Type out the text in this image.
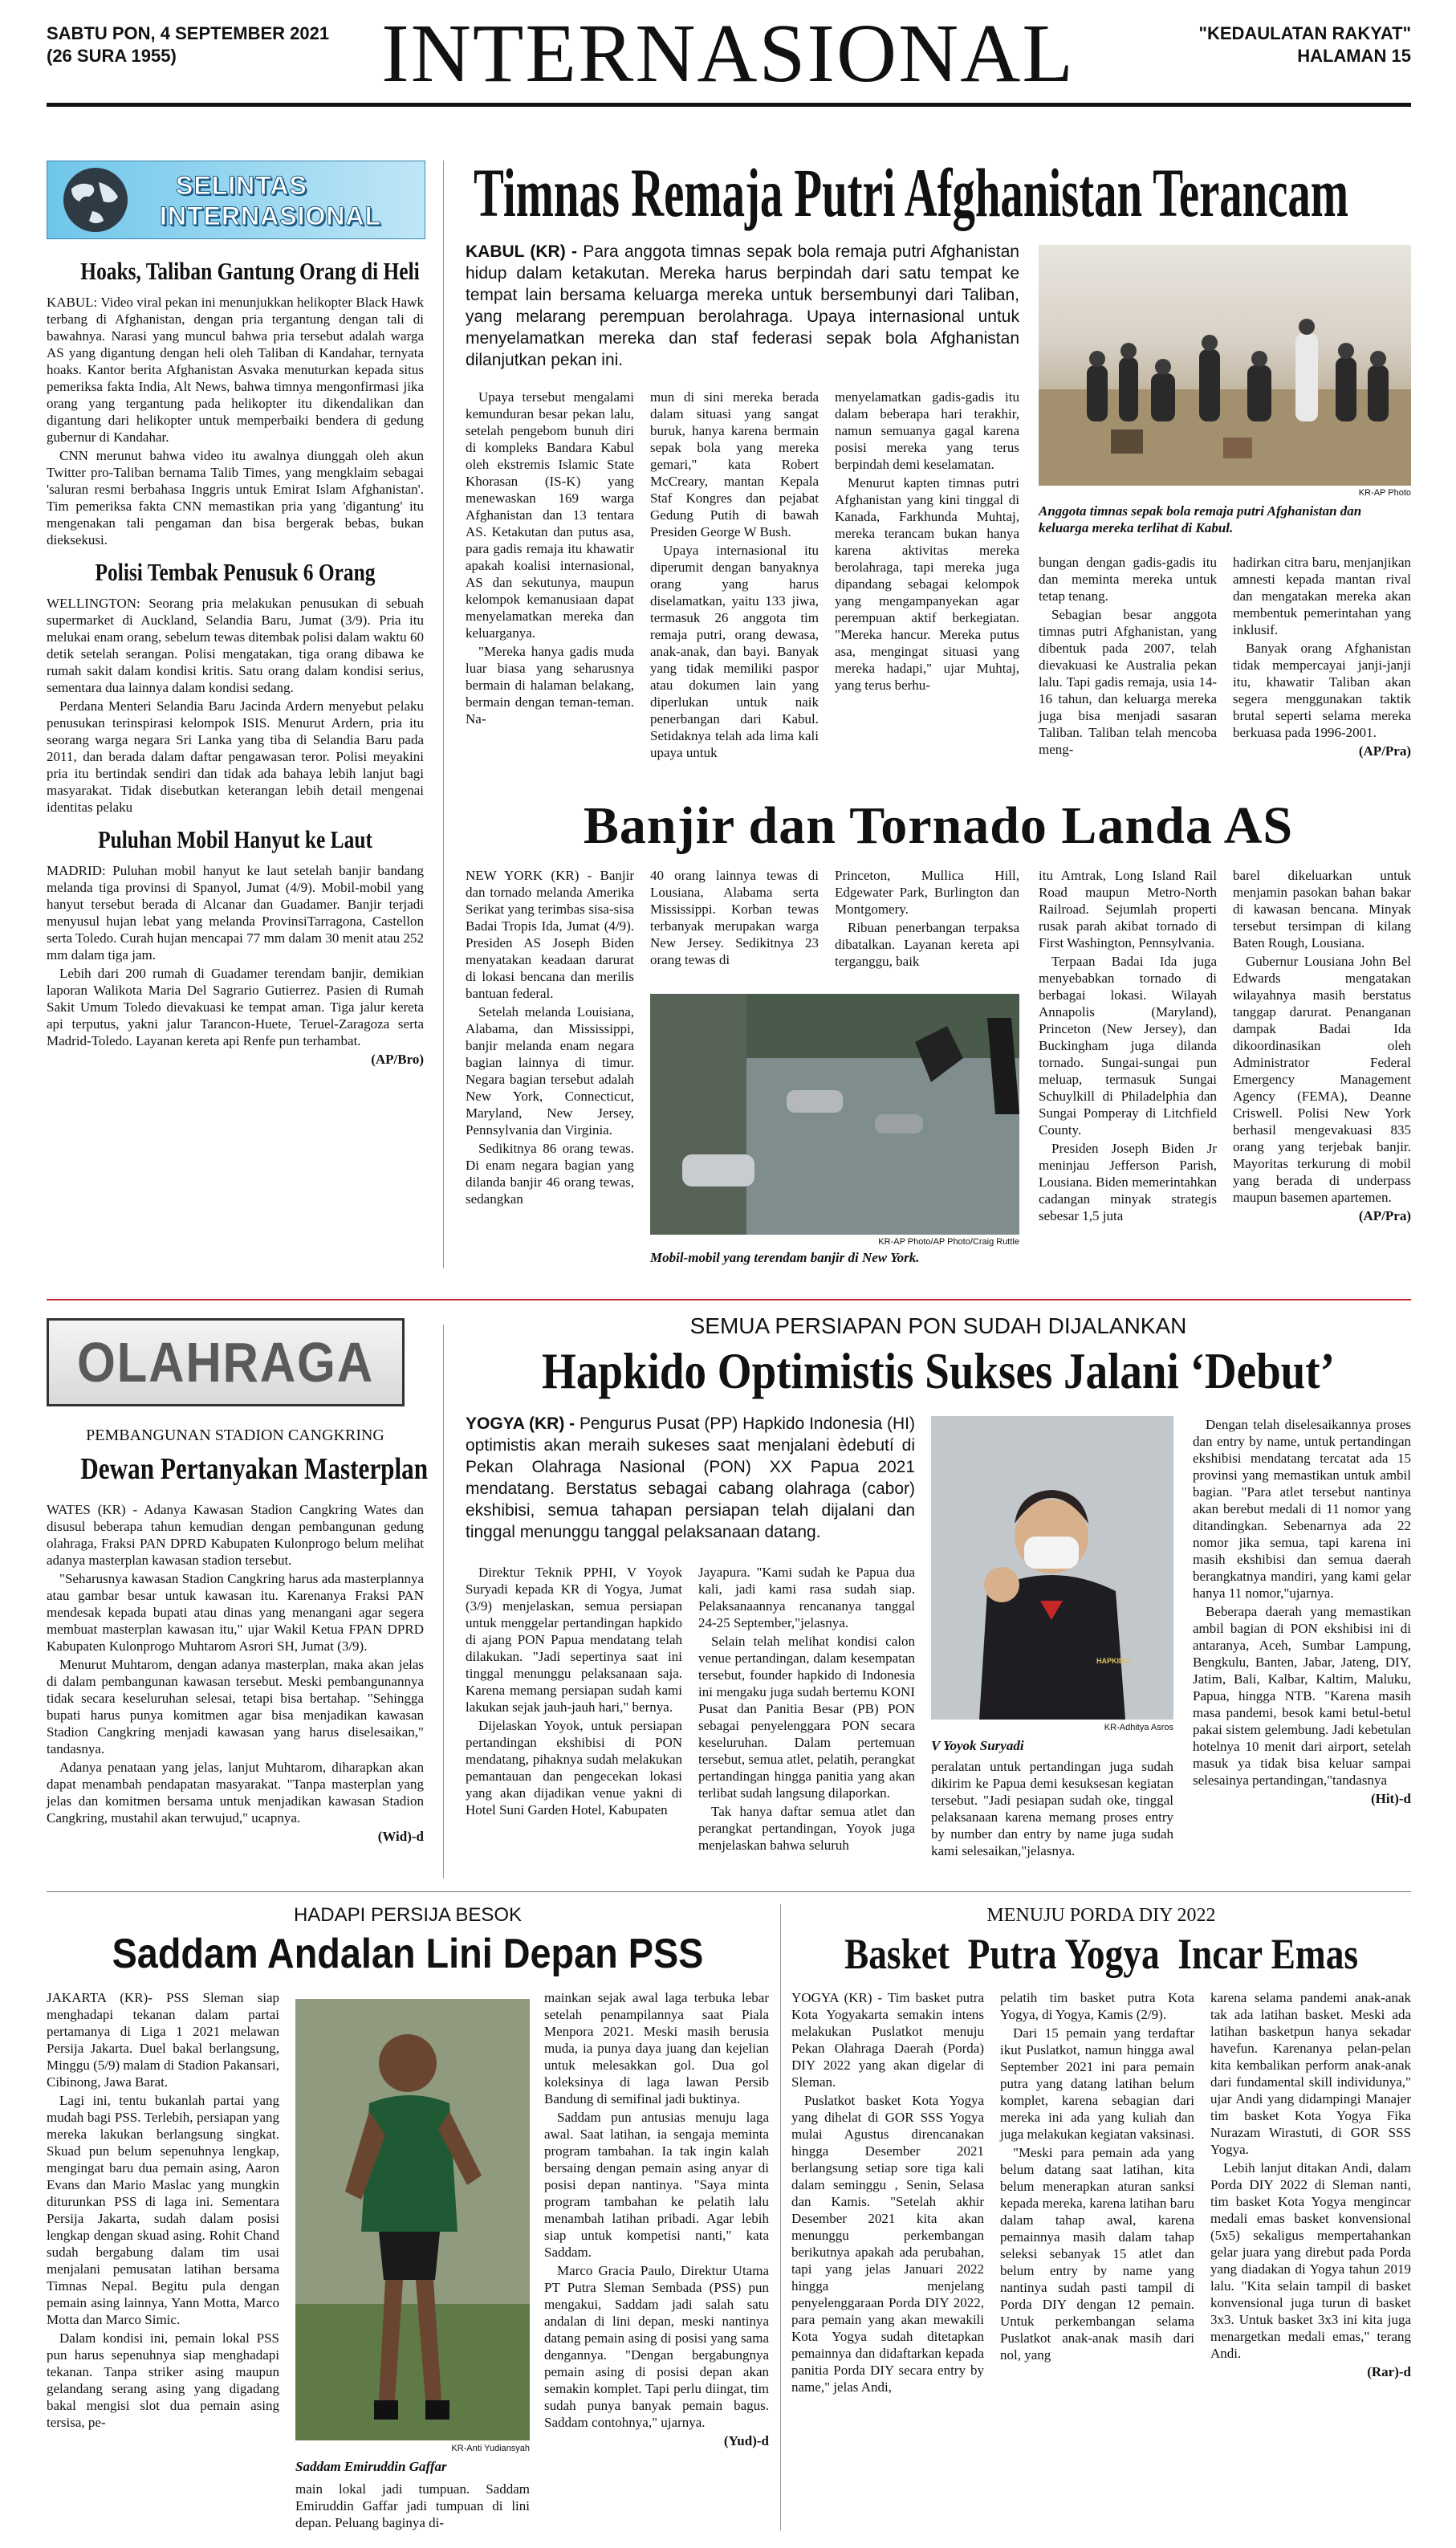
SABTU PON, 4 SEPTEMBER 2021
(26 SURA 1955)	INTERNASIONAL	"KEDAULATAN RAKYAT"
HALAMAN 15
SELINTAS
INTERNASIONAL
Hoaks, Taliban Gantung Orang di Heli

KABUL: Video viral pekan ini menunjukkan helikopter Black Hawk terbang di Afghanistan, dengan pria tergantung dengan tali di bawahnya. Narasi yang muncul bahwa pria tersebut adalah warga AS yang digantung dengan heli oleh Taliban di Kandahar, ternyata hoaks. Kantor berita Afghanistan Asvaka menuturkan kepada situs pemeriksa fakta India, Alt News, bahwa timnya mengonfirmasi jika orang yang tergantung pada helikopter itu dikendalikan dan digantung dari helikopter untuk memperbaiki bendera di gedung gubernur di Kandahar.

CNN merunut bahwa video itu awalnya diunggah oleh akun Twitter pro-Taliban bernama Talib Times, yang mengklaim sebagai 'saluran resmi berbahasa Inggris untuk Emirat Islam Afghanistan'. Tim pemeriksa fakta CNN memastikan pria yang 'digantung' itu mengenakan tali pengaman dan bisa bergerak bebas, bukan dieksekusi.

Polisi Tembak Penusuk 6 Orang

WELLINGTON: Seorang pria melakukan penusukan di sebuah supermarket di Auckland, Selandia Baru, Jumat (3/9). Pria itu melukai enam orang, sebelum tewas ditembak polisi dalam waktu 60 detik setelah serangan. Polisi mengatakan, tiga orang dibawa ke rumah sakit dalam kondisi kritis. Satu orang dalam kondisi serius, sementara dua lainnya dalam kondisi sedang.

Perdana Menteri Selandia Baru Jacinda Ardern menyebut pelaku penusukan terinspirasi kelompok ISIS. Menurut Ardern, pria itu seorang warga negara Sri Lanka yang tiba di Selandia Baru pada 2011, dan berada dalam daftar pengawasan teror. Polisi meyakini pria itu bertindak sendiri dan tidak ada bahaya lebih lanjut bagi masyarakat. Tidak disebutkan keterangan lebih detail mengenai identitas pelaku

Puluhan Mobil Hanyut ke Laut

MADRID: Puluhan mobil hanyut ke laut setelah banjir bandang melanda tiga provinsi di Spanyol, Jumat (4/9). Mobil-mobil yang hanyut tersebut berada di Alcanar dan Guadamer. Banjir terjadi menyusul hujan lebat yang melanda ProvinsiTarragona, Castellon serta Toledo. Curah hujan mencapai 77 mm dalam 30 menit atau 252 mm dalam tiga jam.

Lebih dari 200 rumah di Guadamer terendam banjir, demikian laporan Walikota Maria Del Sagrario Gutierrez. Pasien di Rumah Sakit Umum Toledo dievakuasi ke tempat aman. Tiga jalur kereta api terputus, yakni jalur Tarancon-Huete, Teruel-Zaragoza serta Madrid-Toledo. Layanan kereta api Renfe pun terhambat.

(AP/Bro)
Timnas Remaja Putri Afghanistan Terancam
KABUL (KR) - Para anggota timnas sepak bola remaja putri Afghanistan hidup dalam ketakutan. Mereka harus berpindah dari satu tempat ke tempat lain bersama keluarga mereka untuk bersembunyi dari Taliban, yang melarang perempuan berolahraga. Upaya internasional untuk menyelamatkan mereka dan staf federasi sepak bola Afghanistan dilanjutkan pekan ini.
KR-AP Photo
Anggota timnas sepak bola remaja putri Afghanistan dan keluarga mereka terlihat di Kabul.

Upaya tersebut mengalami kemunduran besar pekan lalu, setelah pengebom bunuh diri di kompleks Bandara Kabul oleh ekstremis Islamic State Khorasan (IS-K) yang menewaskan 169 warga Afghanistan dan 13 tentara AS. Ketakutan dan putus asa, para gadis remaja itu khawatir apakah koalisi internasional, AS dan sekutunya, maupun kelompok kemanusiaan dapat menyelamatkan mereka dan keluarganya.

"Mereka hanya gadis muda luar biasa yang seharusnya bermain di halaman belakang, bermain dengan teman-teman. Na-

mun di sini mereka berada dalam situasi yang sangat buruk, hanya karena bermain sepak bola yang mereka gemari," kata Robert McCreary, mantan Kepala Staf Kongres dan pejabat Gedung Putih di bawah Presiden George W Bush.

Upaya internasional itu diperumit dengan banyaknya orang yang harus diselamatkan, yaitu 133 jiwa, termasuk 26 anggota tim remaja putri, orang dewasa, anak-anak, dan bayi. Banyak yang tidak memiliki paspor atau dokumen lain yang diperlukan untuk naik penerbangan dari Kabul. Setidaknya telah ada lima kali upaya untuk

menyelamatkan gadis-gadis itu dalam beberapa hari terakhir, namun semuanya gagal karena posisi mereka yang terus berpindah demi keselamatan.

Menurut kapten timnas putri Afghanistan yang kini tinggal di Kanada, Farkhunda Muhtaj, mereka terancam bukan hanya karena aktivitas mereka berolahraga, tapi mereka juga dipandang sebagai kelompok yang mengampanyekan agar perempuan aktif berkegiatan. "Mereka hancur. Mereka putus asa, mengingat situasi yang mereka hadapi," ujar Muhtaj, yang terus berhu-

bungan dengan gadis-gadis itu dan meminta mereka untuk tetap tenang.

Sebagian besar anggota timnas putri Afghanistan, yang dibentuk pada 2007, telah dievakuasi ke Australia pekan lalu. Tapi gadis remaja, usia 14-16 tahun, dan keluarga mereka juga bisa menjadi sasaran Taliban. Taliban telah mencoba meng-

hadirkan citra baru, menjanjikan amnesti kepada mantan rival dan mengatakan mereka akan membentuk pemerintahan yang inklusif.

Banyak orang Afghanistan tidak mempercayai janji-janji itu, khawatir Taliban akan segera menggunakan taktik brutal seperti selama mereka berkuasa pada 1996-2001.

(AP/Pra)
Banjir dan Tornado Landa AS

NEW YORK (KR) - Banjir dan tornado melanda Amerika Serikat yang terimbas sisa-sisa Badai Tropis Ida, Jumat (4/9). Presiden AS Joseph Biden menyatakan keadaan darurat di lokasi bencana dan merilis bantuan federal.

Setelah melanda Louisiana, Alabama, dan Mississippi, banjir melanda enam negara bagian lainnya di timur. Negara bagian tersebut adalah New York, Connecticut, Maryland, New Jersey, Pennsylvania dan Virginia.

Sedikitnya 86 orang tewas. Di enam negara bagian yang dilanda banjir 46 orang tewas, sedangkan

40 orang lainnya tewas di Lousiana, Alabama serta Mississippi. Korban tewas terbanyak merupakan warga New Jersey. Sedikitnya 23 orang tewas di

Princeton, Mullica Hill, Edgewater Park, Burlington dan Montgomery.

Ribuan penerbangan terpaksa dibatalkan. Layanan kereta api terganggu, baik

KR-AP Photo/AP Photo/Craig Ruttle
Mobil-mobil yang terendam banjir di New York.

itu Amtrak, Long Island Rail Road maupun Metro-North Railroad. Sejumlah properti rusak parah akibat tornado di First Washington, Pennsylvania.

Terpaan Badai Ida juga menyebabkan tornado di berbagai lokasi. Wilayah Annapolis (Maryland), Princeton (New Jersey), dan Buckingham juga dilanda tornado. Sungai-sungai pun meluap, termasuk Sungai Schuylkill di Philadelphia dan Sungai Pomperay di Litchfield County.

Presiden Joseph Biden Jr meninjau Jefferson Parish, Lousiana. Biden memerintahkan cadangan minyak strategis sebesar 1,5 juta

barel dikeluarkan untuk menjamin pasokan bahan bakar di kawasan bencana. Minyak tersebut tersimpan di kilang Baten Rough, Lousiana.

Gubernur Lousiana John Bel Edwards mengatakan wilayahnya masih berstatus tanggap darurat. Penanganan dampak Badai Ida dikoordinasikan oleh Administrator Federal Emergency Management Agency (FEMA), Deanne Criswell. Polisi New York berhasil mengevakuasi 835 orang yang terjebak banjir. Mayoritas terkurung di mobil yang berada di underpass maupun basemen apartemen.

(AP/Pra)
OLAHRAGA
PEMBANGUNAN STADION CANGKRING
Dewan Pertanyakan Masterplan

WATES (KR) - Adanya Kawasan Stadion Cangkring Wates dan disusul beberapa tahun kemudian dengan pembangunan gedung olahraga, Fraksi PAN DPRD Kabupaten Kulonprogo belum melihat adanya masterplan kawasan stadion tersebut.

"Seharusnya kawasan Stadion Cangkring harus ada masterplannya atau gambar besar untuk kawasan itu. Karenanya Fraksi PAN mendesak kepada bupati atau dinas yang menangani agar segera membuat masterplan kawasan itu," ujar Wakil Ketua FPAN DPRD Kabupaten Kulonprogo Muhtarom Asrori SH, Jumat (3/9).

Menurut Muhtarom, dengan adanya masterplan, maka akan jelas di dalam pembangunan kawasan tersebut. Meski pembangunannya tidak secara keseluruhan selesai, tetapi bisa bertahap. "Sehingga bupati harus punya komitmen agar bisa menjadikan kawasan Stadion Cangkring menjadi kawasan yang harus diselesaikan," tandasnya.

Adanya penataan yang jelas, lanjut Muhtarom, diharapkan akan dapat menambah pendapatan masyarakat. "Tanpa masterplan yang jelas dan komitmen bersama untuk menjadikan kawasan Stadion Cangkring, mustahil akan terwujud," ucapnya.

(Wid)-d
SEMUA PERSIAPAN PON SUDAH DIJALANKAN
Hapkido Optimistis Sukses Jalani ‘Debut’
YOGYA (KR) - Pengurus Pusat (PP) Hapkido Indonesia (HI) optimistis akan meraih sukeses saat menjalani èdebutí di Pekan Olahraga Nasional (PON) XX Papua 2021 mendatang. Berstatus sebagai cabang olahraga (cabor) ekshibisi, semua tahapan persiapan telah dijalani dan tinggal menunggu tanggal pelaksanaan datang.

Direktur Teknik PPHI, V Yoyok Suryadi kepada KR di Yogya, Jumat (3/9) menjelaskan, semua persiapan untuk menggelar pertandingan hapkido di ajang PON Papua mendatang telah dilakukan. "Jadi sepertinya saat ini tinggal menunggu pelaksanaan saja. Karena memang persiapan sudah kami lakukan sejak jauh-jauh hari," bernya.

Dijelaskan Yoyok, untuk persiapan pertandingan ekshibisi di PON mendatang, pihaknya sudah melakukan pemantauan dan pengecekan lokasi yang akan dijadikan venue yakni di Hotel Suni Garden Hotel, Kabupaten

Jayapura. "Kami sudah ke Papua dua kali, jadi kami rasa sudah siap. Pelaksanaannya rencananya tanggal 24-25 September,"jelasnya.

Selain telah melihat kondisi calon venue pertandingan, dalam kesempatan tersebut, founder hapkido di Indonesia ini mengaku juga sudah bertemu KONI Pusat dan Panitia Besar (PB) PON sebagai penyelenggara PON secara keseluruhan. Dalam pertemuan tersebut, semua atlet, pelatih, perangkat pertandingan hingga panitia yang akan terlibat sudah langsung dilaporkan.

Tak hanya daftar semua atlet dan perangkat pertandingan, Yoyok juga menjelaskan bahwa seluruh

HAPKIDO
KR-Adhitya Asros
V Yoyok Suryadi

peralatan untuk pertandingan juga sudah dikirim ke Papua demi kesuksesan kegiatan tersebut. "Jadi pesiapan sudah oke, tinggal pelaksanaan karena memang proses entry by number dan entry by name juga sudah kami selesaikan,"jelasnya.

Dengan telah diselesaikannya proses dan entry by name, untuk pertandingan ekshibisi mendatang tercatat ada 15 provinsi yang memastikan untuk ambil bagian. "Para atlet tersebut nantinya akan berebut medali di 11 nomor yang ditandingkan. Sebenarnya ada 22 nomor jika semua, tapi karena ini masih ekshibisi dan semua daerah berangkatnya mandiri, yang kami gelar hanya 11 nomor,"ujarnya.

Beberapa daerah yang memastikan ambil bagian di PON ekshibisi ini di antaranya, Aceh, Sumbar Lampung, Bengkulu, Banten, Jabar, Jateng, DIY, Jatim, Bali, Kalbar, Kaltim, Maluku, Papua, hingga NTB. "Karena masih masa pandemi, besok kami betul-betul pakai sistem gelembung. Jadi kebetulan hotelnya 10 menit dari airport, setelah masuk ya tidak bisa keluar sampai selesainya pertandingan,"tandasnya

(Hit)-d
HADAPI PERSIJA BESOK
Saddam Andalan Lini Depan PSS

JAKARTA (KR)- PSS Sleman siap menghadapi tekanan dalam partai pertamanya di Liga 1 2021 melawan Persija Jakarta. Duel bakal berlangsung, Minggu (5/9) malam di Stadion Pakansari, Cibinong, Jawa Barat.

Lagi ini, tentu bukanlah partai yang mudah bagi PSS. Terlebih, persiapan yang mereka lakukan berlangsung singkat. Skuad pun belum sepenuhnya lengkap, mengingat baru dua pemain asing, Aaron Evans dan Mario Maslac yang mungkin diturunkan PSS di laga ini. Sementara Persija Jakarta, sudah dalam posisi lengkap dengan skuad asing. Rohit Chand sudah bergabung dalam tim usai menjalani pemusatan latihan bersama Timnas Nepal. Begitu pula dengan pemain asing lainnya, Yann Motta, Marco Motta dan Marco Simic.

Dalam kondisi ini, pemain lokal PSS pun harus sepenuhnya siap menghadapi tekanan. Tanpa striker asing maupun gelandang serang asing yang digadang bakal mengisi slot dua pemain asing tersisa, pe-

KR-Anti Yudiansyah
Saddam Emiruddin Gaffar

main lokal jadi tumpuan. Saddam Emiruddin Gaffar jadi tumpuan di lini depan. Peluang baginya di-

mainkan sejak awal laga terbuka lebar setelah penampilannya saat Piala Menpora 2021. Meski masih berusia muda, ia punya daya juang dan kejelian untuk melesakkan gol. Dua gol koleksinya di laga lawan Persib Bandung di semifinal jadi buktinya.

Saddam pun antusias menuju laga awal. Saat latihan, ia sengaja meminta program tambahan. Ia tak ingin kalah bersaing dengan pemain asing anyar di posisi depan nantinya. "Saya minta program tambahan ke pelatih lalu menambah latihan pribadi. Agar lebih siap untuk kompetisi nanti," kata Saddam.

Marco Gracia Paulo, Direktur Utama PT Putra Sleman Sembada (PSS) pun mengakui, Saddam jadi salah satu andalan di lini depan, meski nantinya datang pemain asing di posisi yang sama dengannya. "Dengan bergabungnya pemain asing di posisi depan akan semakin komplet. Tapi perlu diingat, tim sudah punya banyak pemain bagus. Saddam contohnya," ujarnya.

(Yud)-d
MENUJU PORDA DIY 2022
Basket  Putra Yogya  Incar Emas

YOGYA (KR) - Tim basket putra Kota Yogyakarta semakin intens melakukan Puslatkot menuju Pekan Olahraga Daerah (Porda) DIY 2022 yang akan digelar di Sleman.

Puslatkot basket Kota Yogya yang dihelat di GOR SSS Yogya mulai Agustus direncanakan hingga Desember 2021 berlangsung setiap sore tiga kali dalam seminggu , Senin, Selasa dan Kamis. "Setelah akhir Desember 2021 kita akan menunggu perkembangan berikutnya apakah ada perubahan, tapi yang jelas Januari 2022 hingga menjelang penyelenggaraan Porda DIY 2022, para pemain yang akan mewakili Kota Yogya sudah ditetapkan pemainnya dan didaftarkan kepada panitia Porda DIY secara entry by name," jelas Andi,

pelatih tim basket putra Kota Yogya, di Yogya, Kamis (2/9).

Dari 15 pemain yang terdaftar ikut Puslatkot, namun hingga awal September 2021 ini para pemain putra yang datang latihan belum komplet, karena sebagian dari mereka ini ada yang kuliah dan juga melakukan kegiatan vaksinasi.

"Meski para pemain ada yang belum datang saat latihan, kita belum menerapkan aturan sanksi kepada mereka, karena latihan baru dalam tahap awal, karena pemainnya masih dalam tahap seleksi sebanyak 15 atlet dan belum entry by name yang nantinya sudah pasti tampil di Porda DIY dengan 12 pemain. Untuk perkembangan selama Puslatkot anak-anak masih dari nol, yang

karena selama pandemi anak-anak tak ada latihan basket. Meski ada latihan basketpun hanya sekadar havefun. Karenanya pelan-pelan kita kembalikan perform anak-anak dari fundamental skill individunya," ujar Andi yang didampingi Manajer tim basket Kota Yogya Fika Nurazam Wirastuti, di GOR SSS Yogya.

Lebih lanjut ditakan Andi, dalam Porda DIY 2022 di Sleman nanti, tim basket Kota Yogya mengincar medali emas basket konvensional (5x5) sekaligus mempertahankan gelar juara yang direbut pada Porda yang diadakan di Yogya tahun 2019 lalu. "Kita selain tampil di basket konvensional juga turun di basket 3x3. Untuk basket 3x3 ini kita juga menargetkan medali emas," terang Andi.

(Rar)-d
